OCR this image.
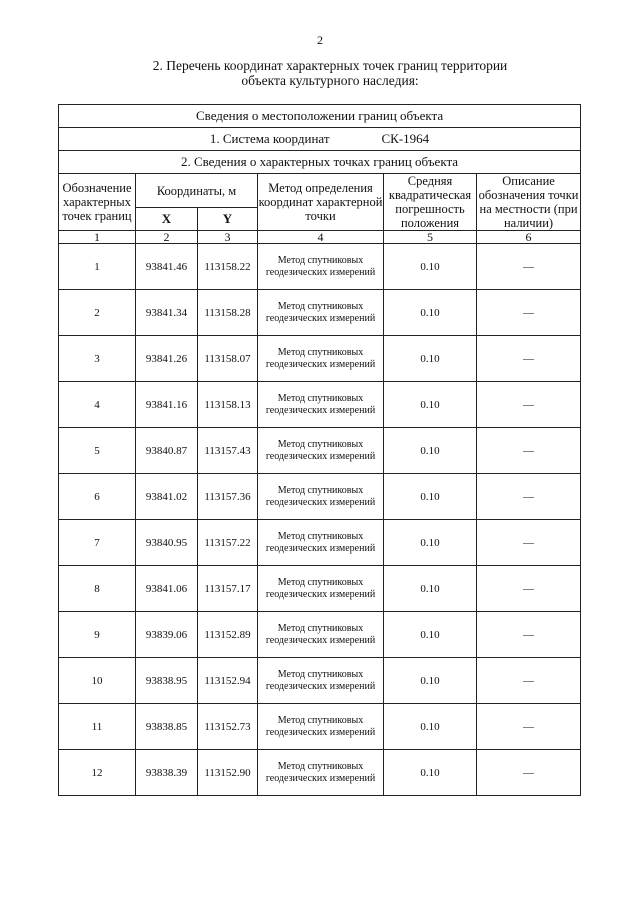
2
2. Перечень координат характерных точек границ территории
объекта культурного наследия:
Сведения о местоположении границ объекта					
1. Система координат СК-1964					
2. Сведения о характерных точках границ объекта					
Обозначение характерных точек границ	Координаты, м		Метод определения координат характерной точки	Средняя квадратическая погрешность положения	Описание обозначения точки на местности (при наличии)
	X	Y			
1	2	3	4	5	6
1	93841.46	113158.22	Метод спутниковых геодезических измерений	0.10	—
2	93841.34	113158.28	Метод спутниковых геодезических измерений	0.10	—
3	93841.26	113158.07	Метод спутниковых геодезических измерений	0.10	—
4	93841.16	113158.13	Метод спутниковых геодезических измерений	0.10	—
5	93840.87	113157.43	Метод спутниковых геодезических измерений	0.10	—
6	93841.02	113157.36	Метод спутниковых геодезических измерений	0.10	—
7	93840.95	113157.22	Метод спутниковых геодезических измерений	0.10	—
8	93841.06	113157.17	Метод спутниковых геодезических измерений	0.10	—
9	93839.06	113152.89	Метод спутниковых геодезических измерений	0.10	—
10	93838.95	113152.94	Метод спутниковых геодезических измерений	0.10	—
11	93838.85	113152.73	Метод спутниковых геодезических измерений	0.10	—
12	93838.39	113152.90	Метод спутниковых геодезических измерений	0.10	—
